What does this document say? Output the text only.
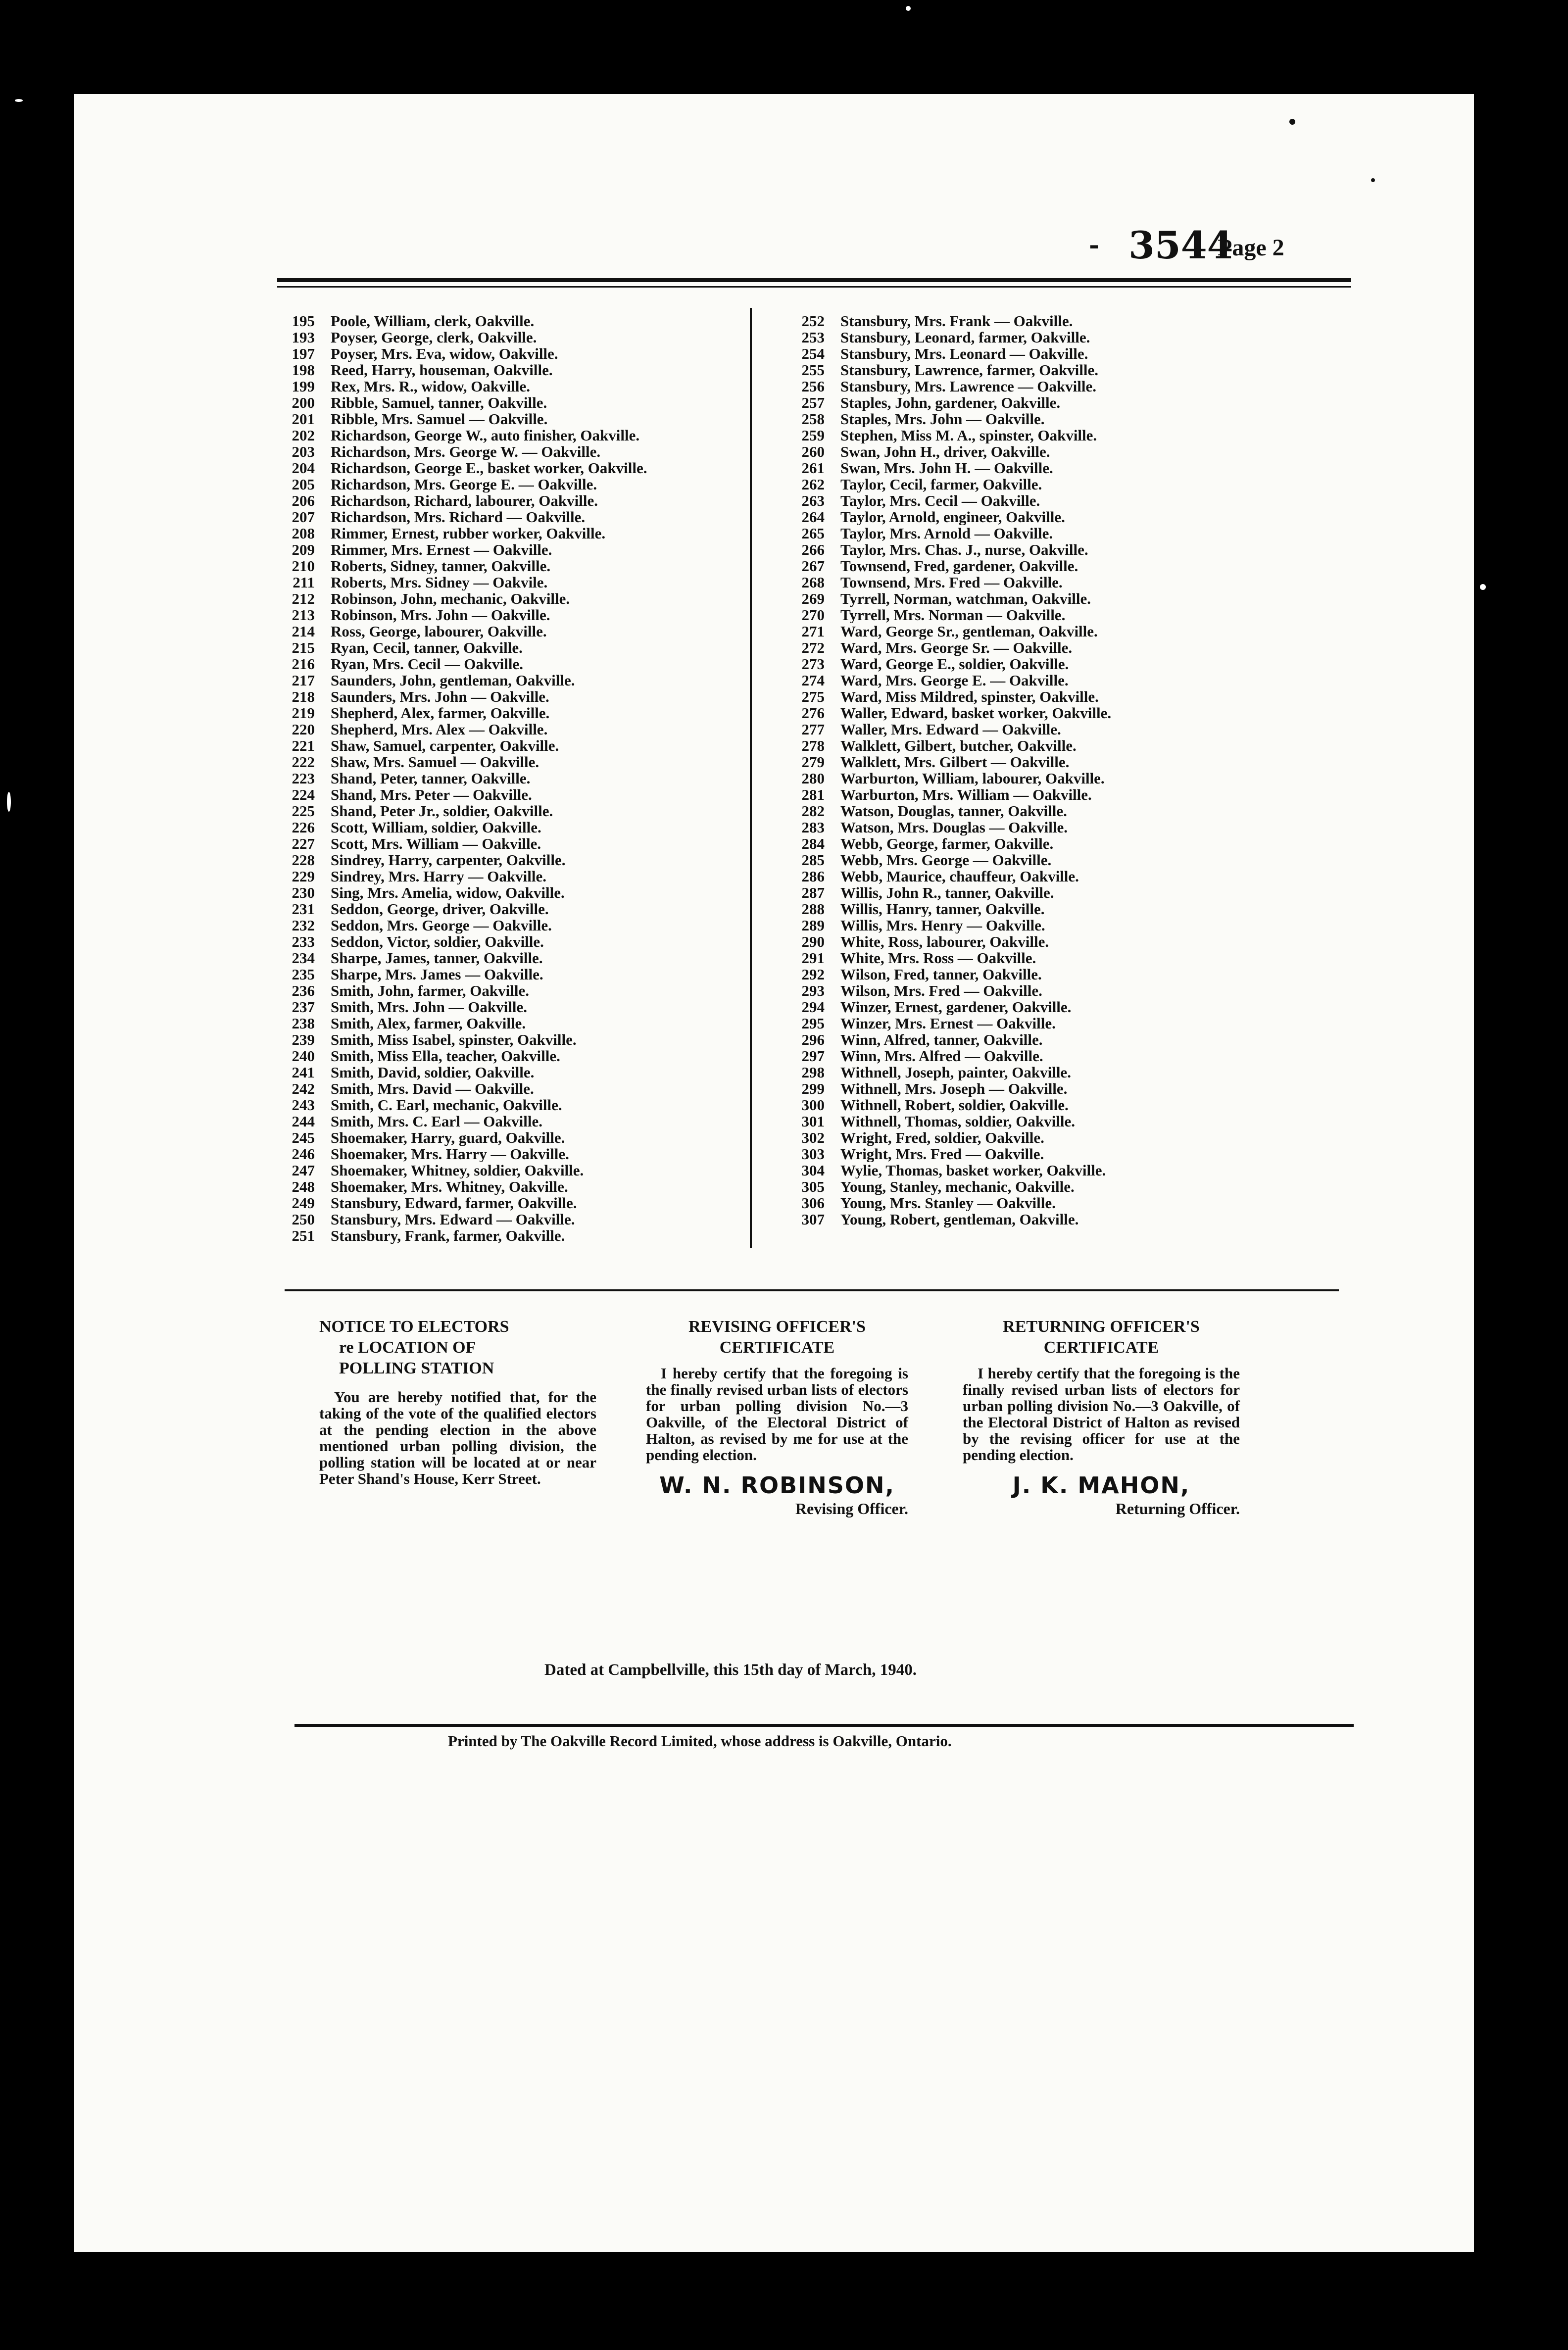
- 3544
Page 2
195	Poole, William, clerk, Oakville.
193	Poyser, George, clerk, Oakville.
197	Poyser, Mrs. Eva, widow, Oakville.
198	Reed, Harry, houseman, Oakville.
199	Rex, Mrs. R., widow, Oakville.
200	Ribble, Samuel, tanner, Oakville.
201	Ribble, Mrs. Samuel — Oakville.
202	Richardson, George W., auto finisher, Oakville.
203	Richardson, Mrs. George W. — Oakville.
204	Richardson, George E., basket worker, Oakville.
205	Richardson, Mrs. George E. — Oakville.
206	Richardson, Richard, labourer, Oakville.
207	Richardson, Mrs. Richard — Oakville.
208	Rimmer, Ernest, rubber worker, Oakville.
209	Rimmer, Mrs. Ernest — Oakville.
210	Roberts, Sidney, tanner, Oakville.
211	Roberts, Mrs. Sidney — Oakvile.
212	Robinson, John, mechanic, Oakville.
213	Robinson, Mrs. John — Oakville.
214	Ross, George, labourer, Oakville.
215	Ryan, Cecil, tanner, Oakville.
216	Ryan, Mrs. Cecil — Oakville.
217	Saunders, John, gentleman, Oakville.
218	Saunders, Mrs. John — Oakville.
219	Shepherd, Alex, farmer, Oakville.
220	Shepherd, Mrs. Alex — Oakville.
221	Shaw, Samuel, carpenter, Oakville.
222	Shaw, Mrs. Samuel — Oakville.
223	Shand, Peter, tanner, Oakville.
224	Shand, Mrs. Peter — Oakville.
225	Shand, Peter Jr., soldier, Oakville.
226	Scott, William, soldier, Oakville.
227	Scott, Mrs. William — Oakville.
228	Sindrey, Harry, carpenter, Oakville.
229	Sindrey, Mrs. Harry — Oakville.
230	Sing, Mrs. Amelia, widow, Oakville.
231	Seddon, George, driver, Oakville.
232	Seddon, Mrs. George — Oakville.
233	Seddon, Victor, soldier, Oakville.
234	Sharpe, James, tanner, Oakville.
235	Sharpe, Mrs. James — Oakville.
236	Smith, John, farmer, Oakville.
237	Smith, Mrs. John — Oakville.
238	Smith, Alex, farmer, Oakville.
239	Smith, Miss Isabel, spinster, Oakville.
240	Smith, Miss Ella, teacher, Oakville.
241	Smith, David, soldier, Oakville.
242	Smith, Mrs. David — Oakville.
243	Smith, C. Earl, mechanic, Oakville.
244	Smith, Mrs. C. Earl — Oakville.
245	Shoemaker, Harry, guard, Oakville.
246	Shoemaker, Mrs. Harry — Oakville.
247	Shoemaker, Whitney, soldier, Oakville.
248	Shoemaker, Mrs. Whitney, Oakville.
249	Stansbury, Edward, farmer, Oakville.
250	Stansbury, Mrs. Edward — Oakville.
251	Stansbury, Frank, farmer, Oakville.
252	Stansbury, Mrs. Frank — Oakville.
253	Stansbury, Leonard, farmer, Oakville.
254	Stansbury, Mrs. Leonard — Oakville.
255	Stansbury, Lawrence, farmer, Oakville.
256	Stansbury, Mrs. Lawrence — Oakville.
257	Staples, John, gardener, Oakville.
258	Staples, Mrs. John — Oakville.
259	Stephen, Miss M. A., spinster, Oakville.
260	Swan, John H., driver, Oakville.
261	Swan, Mrs. John H. — Oakville.
262	Taylor, Cecil, farmer, Oakville.
263	Taylor, Mrs. Cecil — Oakville.
264	Taylor, Arnold, engineer, Oakville.
265	Taylor, Mrs. Arnold — Oakville.
266	Taylor, Mrs. Chas. J., nurse, Oakville.
267	Townsend, Fred, gardener, Oakville.
268	Townsend, Mrs. Fred — Oakville.
269	Tyrrell, Norman, watchman, Oakville.
270	Tyrrell, Mrs. Norman — Oakville.
271	Ward, George Sr., gentleman, Oakville.
272	Ward, Mrs. George Sr. — Oakville.
273	Ward, George E., soldier, Oakville.
274	Ward, Mrs. George E. — Oakville.
275	Ward, Miss Mildred, spinster, Oakville.
276	Waller, Edward, basket worker, Oakville.
277	Waller, Mrs. Edward — Oakville.
278	Walklett, Gilbert, butcher, Oakville.
279	Walklett, Mrs. Gilbert — Oakville.
280	Warburton, William, labourer, Oakville.
281	Warburton, Mrs. William — Oakville.
282	Watson, Douglas, tanner, Oakville.
283	Watson, Mrs. Douglas — Oakville.
284	Webb, George, farmer, Oakville.
285	Webb, Mrs. George — Oakville.
286	Webb, Maurice, chauffeur, Oakville.
287	Willis, John R., tanner, Oakville.
288	Willis, Hanry, tanner, Oakville.
289	Willis, Mrs. Henry — Oakville.
290	White, Ross, labourer, Oakville.
291	White, Mrs. Ross — Oakville.
292	Wilson, Fred, tanner, Oakville.
293	Wilson, Mrs. Fred — Oakville.
294	Winzer, Ernest, gardener, Oakville.
295	Winzer, Mrs. Ernest — Oakville.
296	Winn, Alfred, tanner, Oakville.
297	Winn, Mrs. Alfred — Oakville.
298	Withnell, Joseph, painter, Oakville.
299	Withnell, Mrs. Joseph — Oakville.
300	Withnell, Robert, soldier, Oakville.
301	Withnell, Thomas, soldier, Oakville.
302	Wright, Fred, soldier, Oakville.
303	Wright, Mrs. Fred — Oakville.
304	Wylie, Thomas, basket worker, Oakville.
305	Young, Stanley, mechanic, Oakville.
306	Young, Mrs. Stanley — Oakville.
307	Young, Robert, gentleman, Oakville.
NOTICE TO ELECTORS
re LOCATION OF
POLLING STATION

You are hereby notified that, for the taking of the vote of the qualified electors at the pending election in the above mentioned urban polling division, the polling station will be located at or near Peter Shand's House, Kerr Street.

REVISING OFFICER'S
CERTIFICATE

I hereby certify that the foregoing is the finally revised urban lists of electors for urban polling division No.—3 Oakville, of the Electoral District of Halton, as revised by me for use at the pending election.

W. N. ROBINSON,
Revising Officer.
RETURNING OFFICER'S
CERTIFICATE

I hereby certify that the foregoing is the finally revised urban lists of electors for urban polling division No.—3 Oakville, of the Electoral District of Halton as revised by the revising officer for use at the pending election.

J. K. MAHON,
Returning Officer.
Dated at Campbellville, this 15th day of March, 1940.
Printed by The Oakville Record Limited, whose address is Oakville, Ontario.
